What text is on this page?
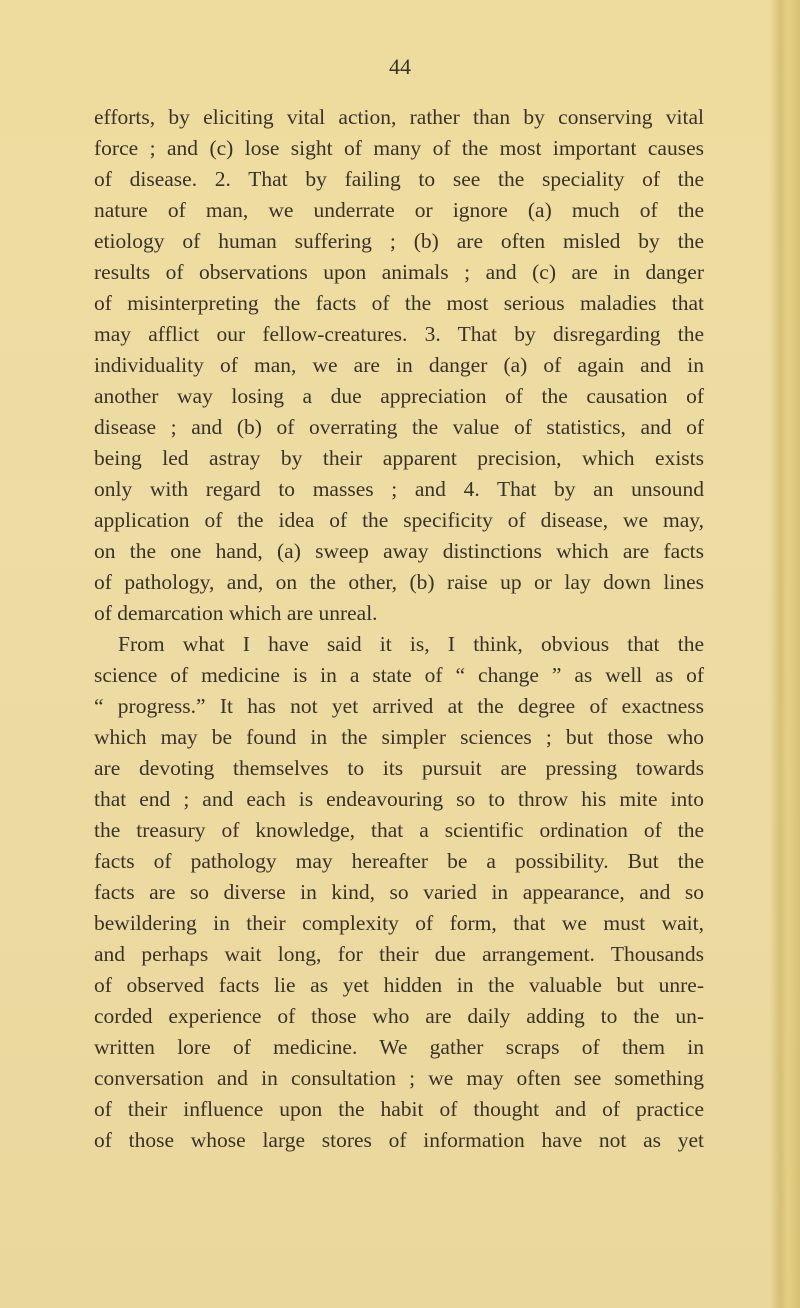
44
efforts, by eliciting vital action, rather than by conserving vital
force ; and (c) lose sight of many of the most important causes
of disease. 2. That by failing to see the speciality of the
nature of man, we underrate or ignore (a) much of the
etiology of human suffering ; (b) are often misled by the
results of observations upon animals ; and (c) are in danger
of misinterpreting the facts of the most serious maladies that
may afflict our fellow-creatures. 3. That by disregarding the
individuality of man, we are in danger (a) of again and in
another way losing a due appreciation of the causation of
disease ; and (b) of overrating the value of statistics, and of
being led astray by their apparent precision, which exists
only with regard to masses ; and 4. That by an unsound
application of the idea of the specificity of disease, we may,
on the one hand, (a) sweep away distinctions which are facts
of pathology, and, on the other, (b) raise up or lay down lines
of demarcation which are unreal.
From what I have said it is, I think, obvious that the
science of medicine is in a state of “ change ” as well as of
“ progress.” It has not yet arrived at the degree of exactness
which may be found in the simpler sciences ; but those who
are devoting themselves to its pursuit are pressing towards
that end ; and each is endeavouring so to throw his mite into
the treasury of knowledge, that a scientific ordination of the
facts of pathology may hereafter be a possibility. But the
facts are so diverse in kind, so varied in appearance, and so
bewildering in their complexity of form, that we must wait,
and perhaps wait long, for their due arrangement. Thousands
of observed facts lie as yet hidden in the valuable but unre-
corded experience of those who are daily adding to the un-
written lore of medicine. We gather scraps of them in
conversation and in consultation ; we may often see something
of their influence upon the habit of thought and of practice
of those whose large stores of information have not as yet
